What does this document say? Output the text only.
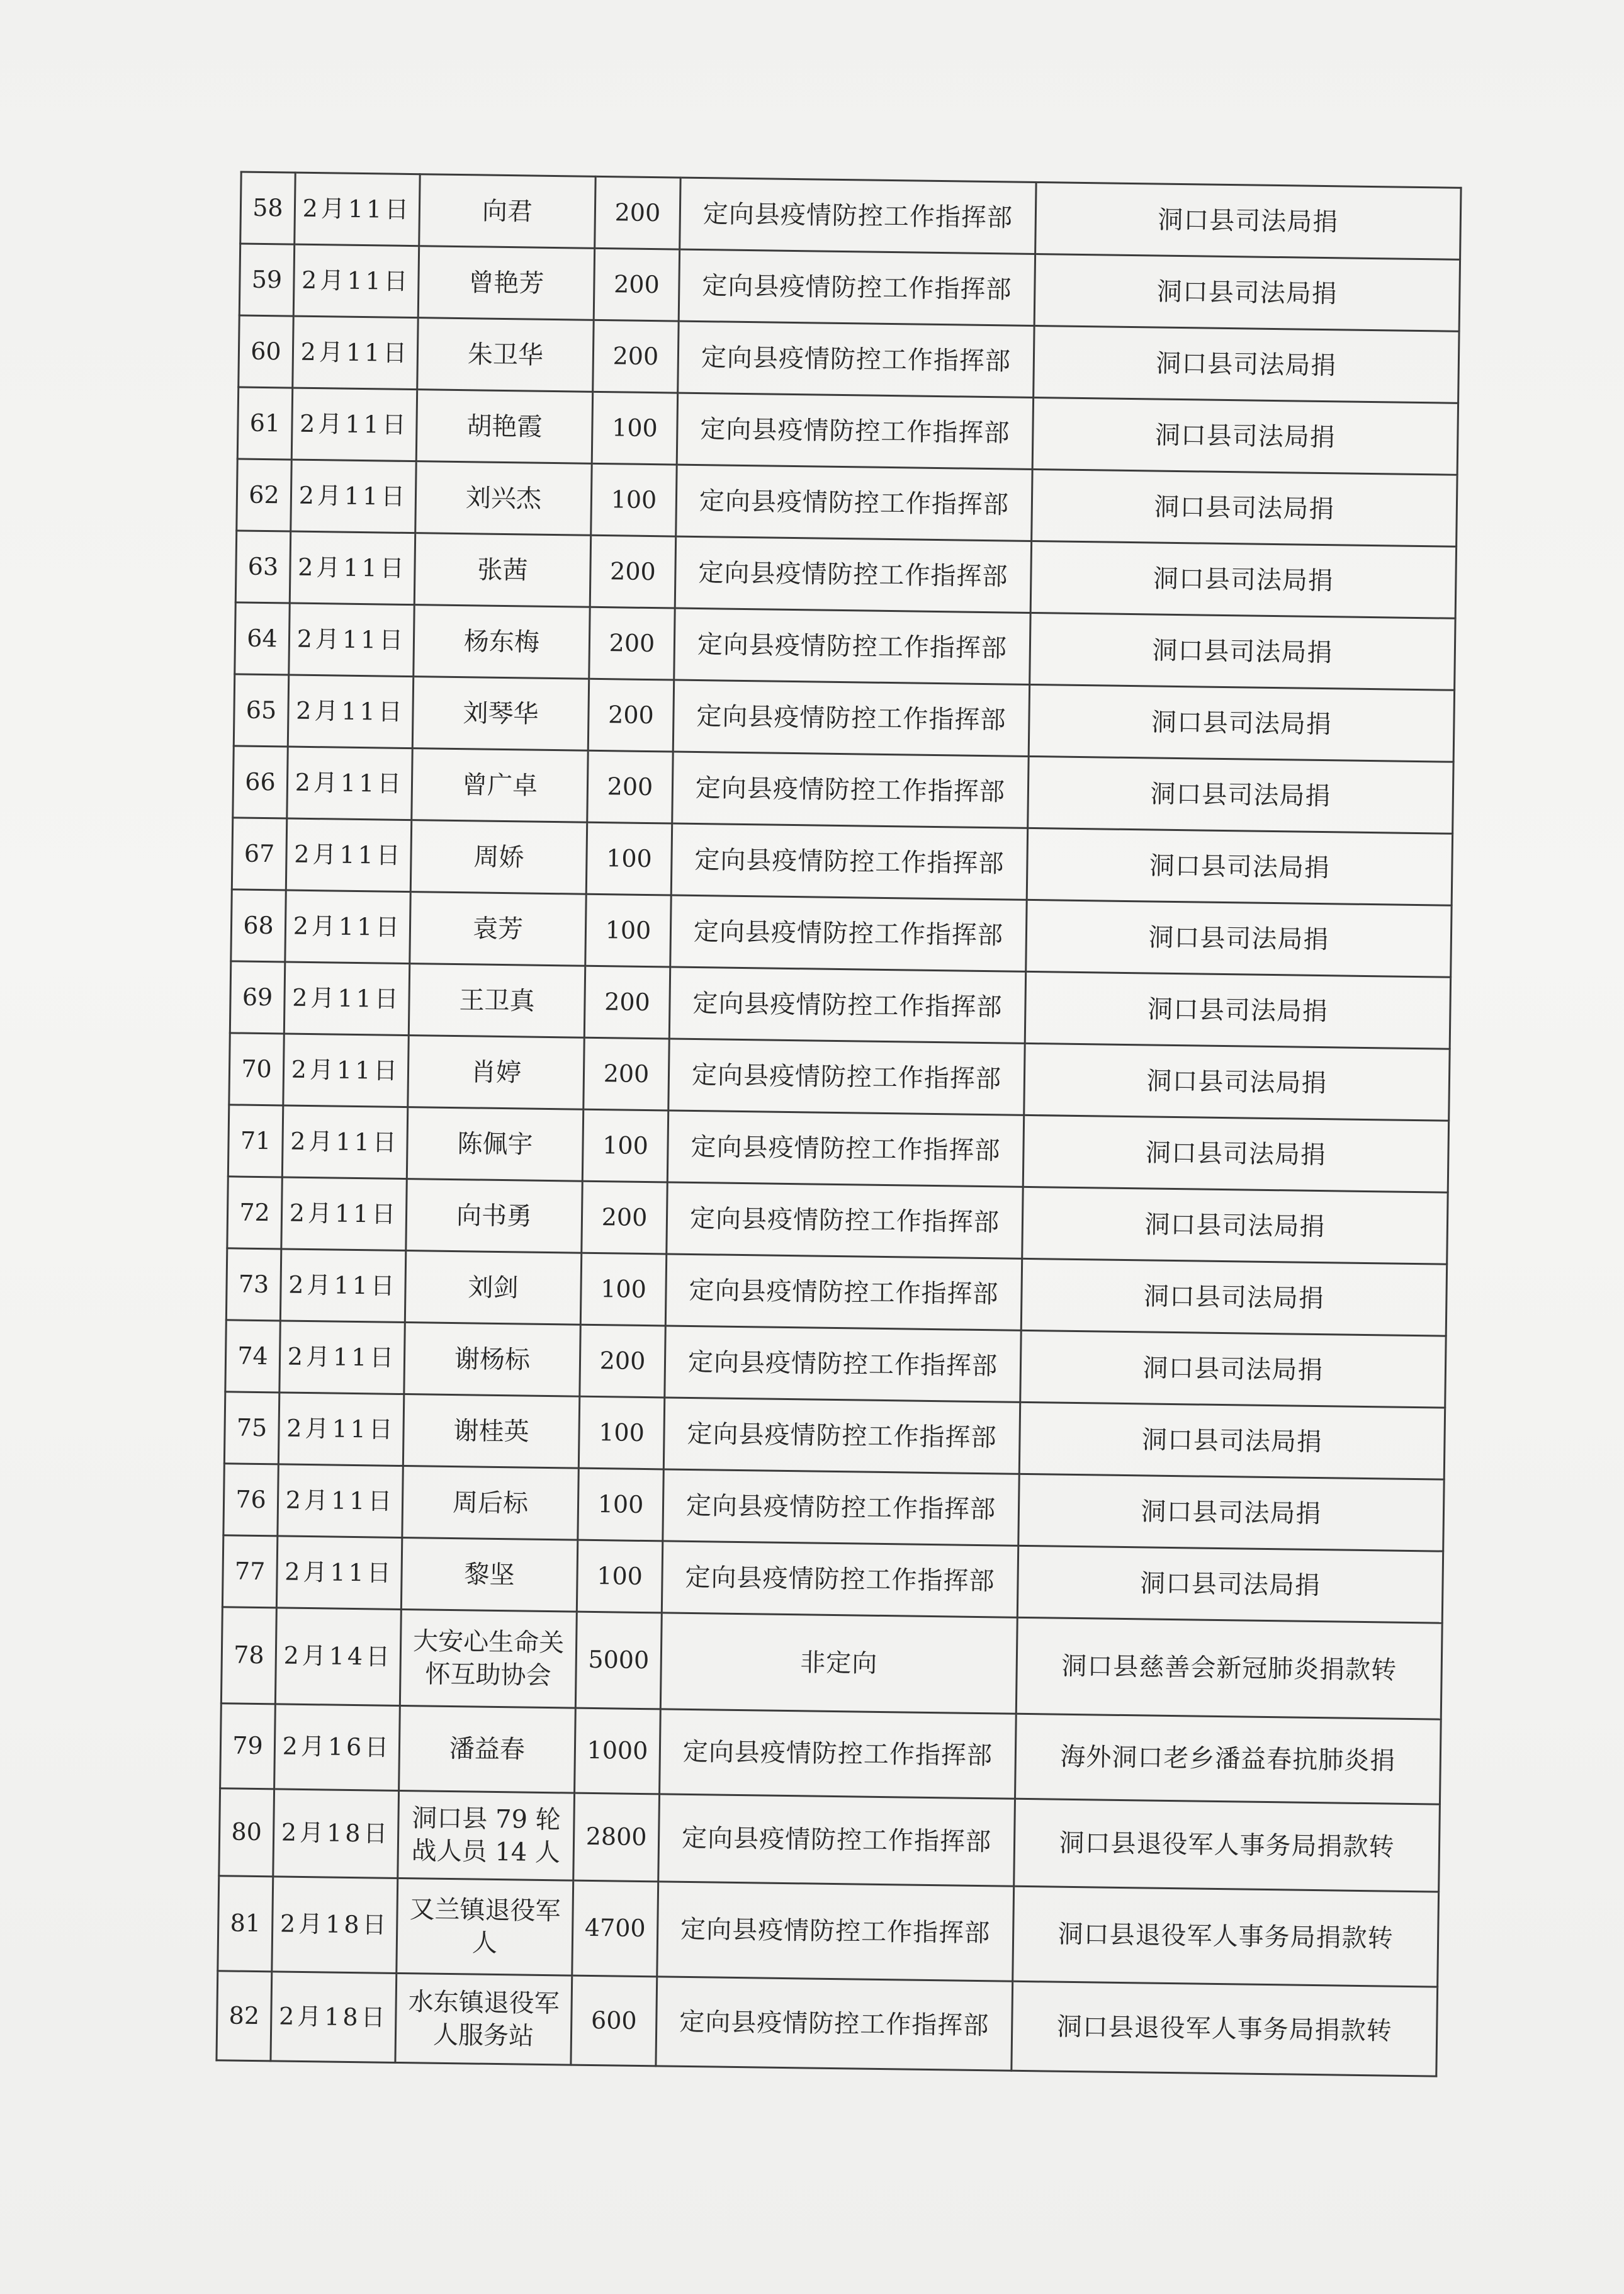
58	2月11日	向君	200	定向县疫情防控工作指挥部	洞口县司法局捐
59	2月11日	曾艳芳	200	定向县疫情防控工作指挥部	洞口县司法局捐
60	2月11日	朱卫华	200	定向县疫情防控工作指挥部	洞口县司法局捐
61	2月11日	胡艳霞	100	定向县疫情防控工作指挥部	洞口县司法局捐
62	2月11日	刘兴杰	100	定向县疫情防控工作指挥部	洞口县司法局捐
63	2月11日	张茜	200	定向县疫情防控工作指挥部	洞口县司法局捐
64	2月11日	杨东梅	200	定向县疫情防控工作指挥部	洞口县司法局捐
65	2月11日	刘琴华	200	定向县疫情防控工作指挥部	洞口县司法局捐
66	2月11日	曾广卓	200	定向县疫情防控工作指挥部	洞口县司法局捐
67	2月11日	周娇	100	定向县疫情防控工作指挥部	洞口县司法局捐
68	2月11日	袁芳	100	定向县疫情防控工作指挥部	洞口县司法局捐
69	2月11日	王卫真	200	定向县疫情防控工作指挥部	洞口县司法局捐
70	2月11日	肖婷	200	定向县疫情防控工作指挥部	洞口县司法局捐
71	2月11日	陈佩宇	100	定向县疫情防控工作指挥部	洞口县司法局捐
72	2月11日	向书勇	200	定向县疫情防控工作指挥部	洞口县司法局捐
73	2月11日	刘剑	100	定向县疫情防控工作指挥部	洞口县司法局捐
74	2月11日	谢杨标	200	定向县疫情防控工作指挥部	洞口县司法局捐
75	2月11日	谢桂英	100	定向县疫情防控工作指挥部	洞口县司法局捐
76	2月11日	周后标	100	定向县疫情防控工作指挥部	洞口县司法局捐
77	2月11日	黎坚	100	定向县疫情防控工作指挥部	洞口县司法局捐
78	2月14日	大安心生命关怀互助协会	5000	非定向	洞口县慈善会新冠肺炎捐款转
79	2月16日	潘益春	1000	定向县疫情防控工作指挥部	海外洞口老乡潘益春抗肺炎捐
80	2月18日	洞口县 79 轮战人员 14 人	2800	定向县疫情防控工作指挥部	洞口县退役军人事务局捐款转
81	2月18日	又兰镇退役军人	4700	定向县疫情防控工作指挥部	洞口县退役军人事务局捐款转
82	2月18日	水东镇退役军人服务站	600	定向县疫情防控工作指挥部	洞口县退役军人事务局捐款转
